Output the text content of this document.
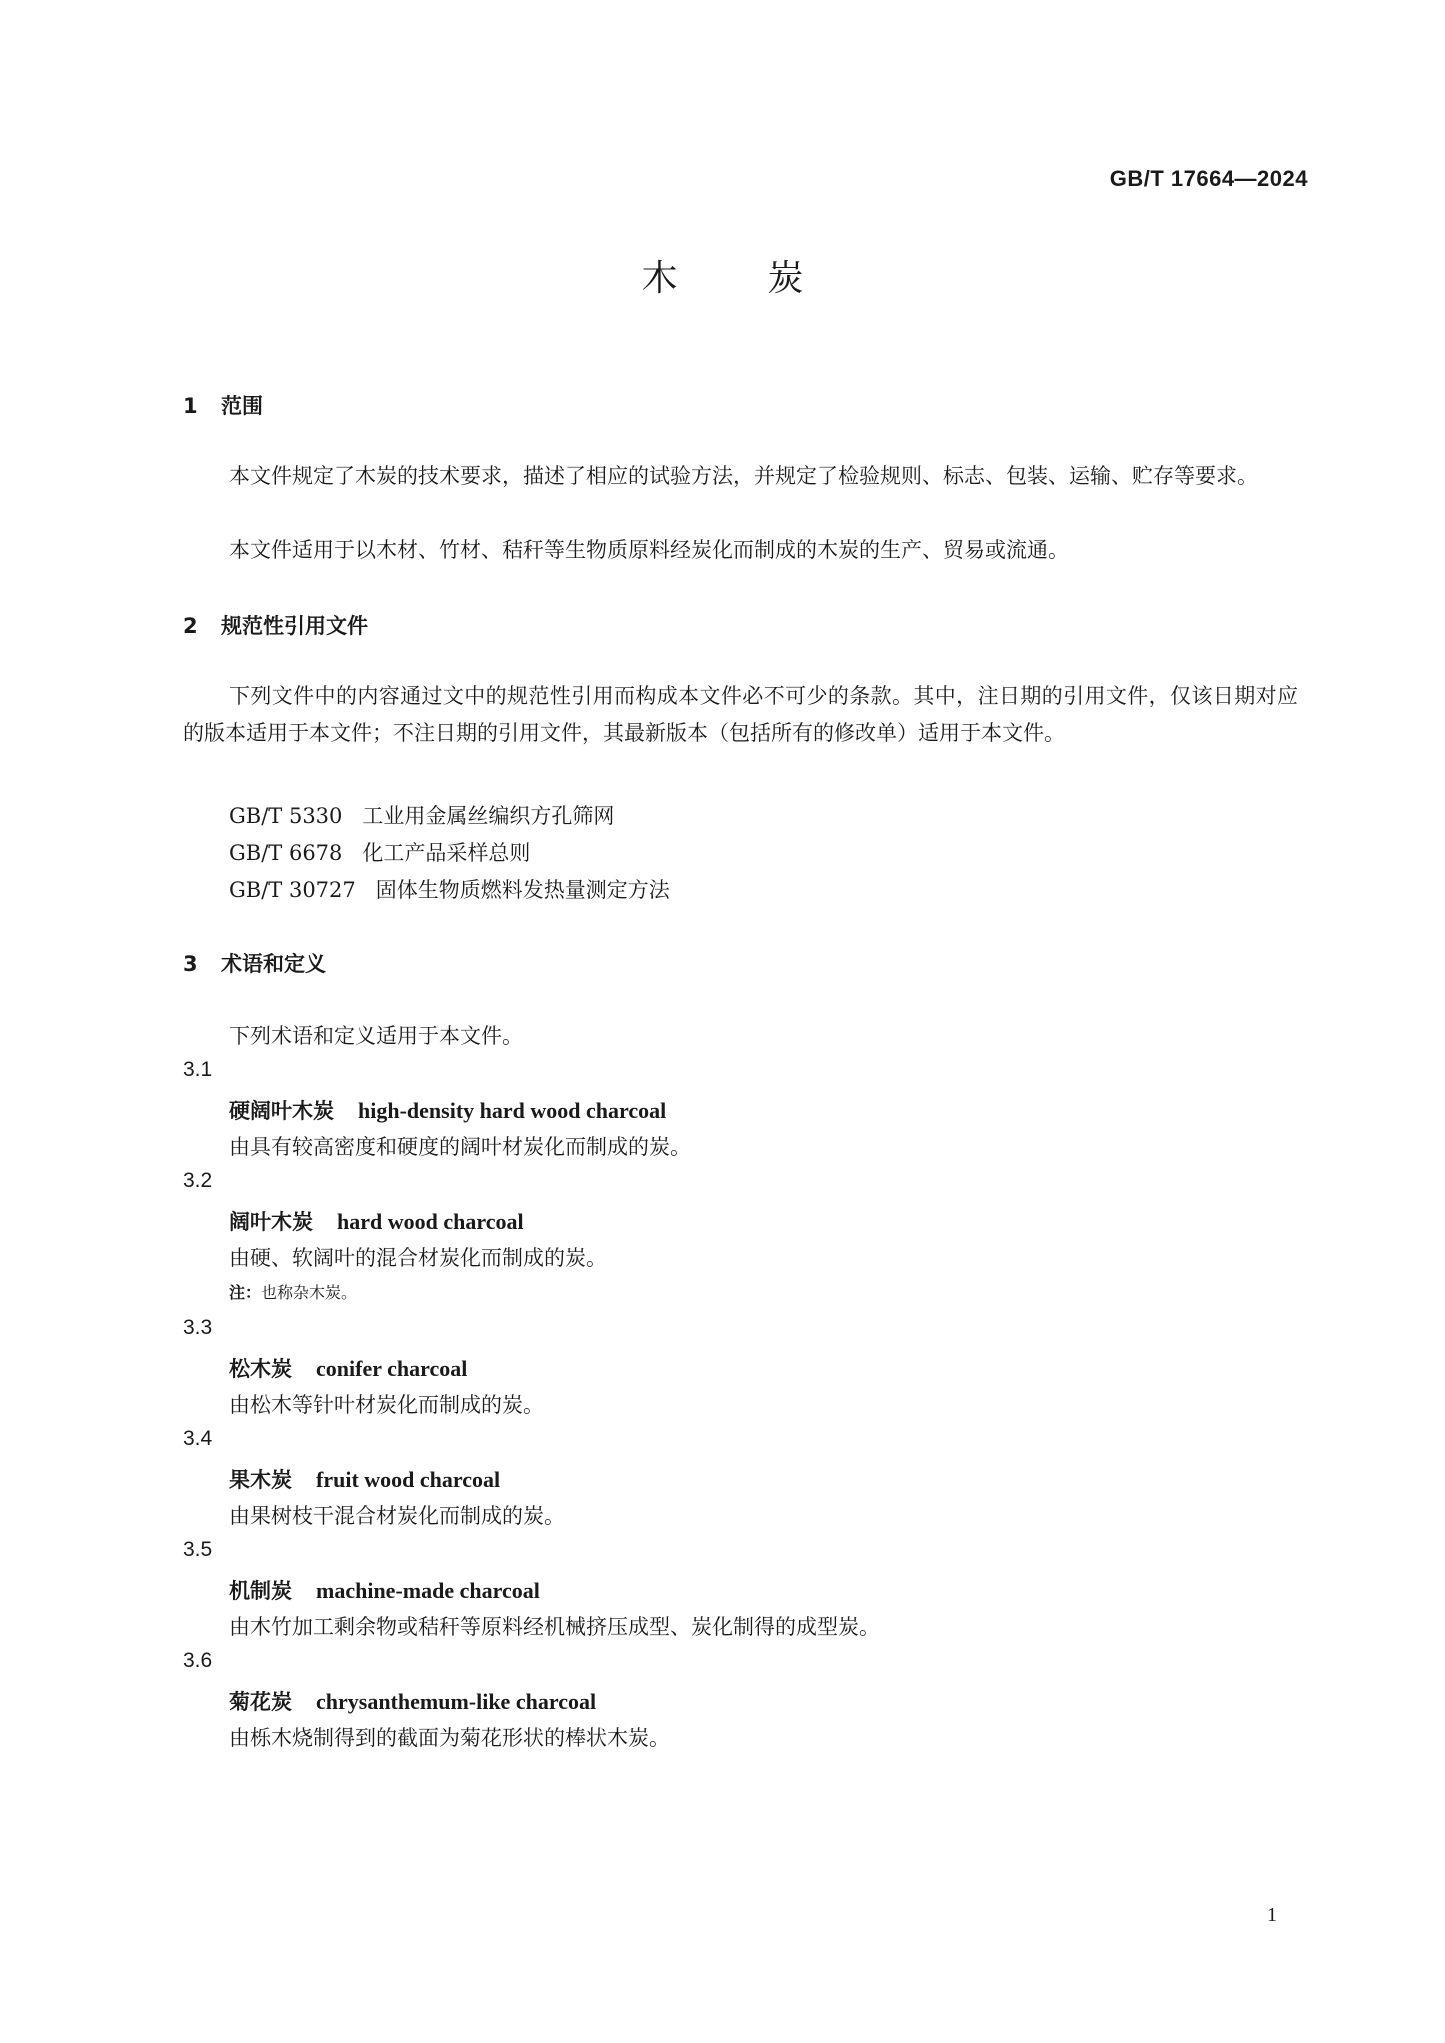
GB/T 17664—2024
木炭
1 范围
本文件规定了木炭的技术要求，描述了相应的试验方法，并规定了检验规则、标志、包装、运输、贮存等要求。
本文件适用于以木材、竹材、秸秆等生物质原料经炭化而制成的木炭的生产、贸易或流通。
2 规范性引用文件
下列文件中的内容通过文中的规范性引用而构成本文件必不可少的条款。其中，注日期的引用文件，仅该日期对应的版本适用于本文件；不注日期的引用文件，其最新版本（包括所有的修改单）适用于本文件。
GB/T 5330 工业用金属丝编织方孔筛网
GB/T 6678 化工产品采样总则
GB/T 30727 固体生物质燃料发热量测定方法
3 术语和定义
下列术语和定义适用于本文件。
3.1
硬阔叶木炭 high-density hard wood charcoal
由具有较高密度和硬度的阔叶材炭化而制成的炭。
3.2
阔叶木炭 hard wood charcoal
由硬、软阔叶的混合材炭化而制成的炭。
注：也称杂木炭。
3.3
松木炭 conifer charcoal
由松木等针叶材炭化而制成的炭。
3.4
果木炭 fruit wood charcoal
由果树枝干混合材炭化而制成的炭。
3.5
机制炭 machine-made charcoal
由木竹加工剩余物或秸秆等原料经机械挤压成型、炭化制得的成型炭。
3.6
菊花炭 chrysanthemum-like charcoal
由栎木烧制得到的截面为菊花形状的棒状木炭。
1
